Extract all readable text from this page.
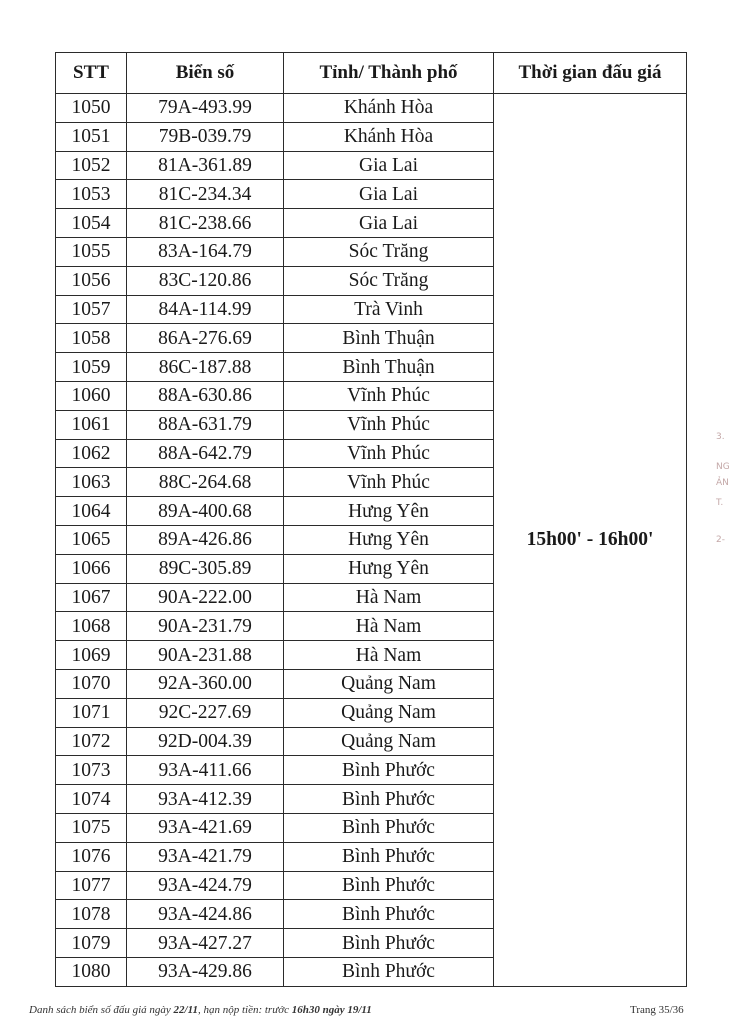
STT	Biển số	Tỉnh/ Thành phố	Thời gian đấu giá
1050	79A-493.99	Khánh Hòa	15h00' - 16h00'
1051	79B-039.79	Khánh Hòa	
1052	81A-361.89	Gia Lai	
1053	81C-234.34	Gia Lai	
1054	81C-238.66	Gia Lai	
1055	83A-164.79	Sóc Trăng	
1056	83C-120.86	Sóc Trăng	
1057	84A-114.99	Trà Vinh	
1058	86A-276.69	Bình Thuận	
1059	86C-187.88	Bình Thuận	
1060	88A-630.86	Vĩnh Phúc	
1061	88A-631.79	Vĩnh Phúc	
1062	88A-642.79	Vĩnh Phúc	
1063	88C-264.68	Vĩnh Phúc	
1064	89A-400.68	Hưng Yên	
1065	89A-426.86	Hưng Yên	
1066	89C-305.89	Hưng Yên	
1067	90A-222.00	Hà Nam	
1068	90A-231.79	Hà Nam	
1069	90A-231.88	Hà Nam	
1070	92A-360.00	Quảng Nam	
1071	92C-227.69	Quảng Nam	
1072	92D-004.39	Quảng Nam	
1073	93A-411.66	Bình Phước	
1074	93A-412.39	Bình Phước	
1075	93A-421.69	Bình Phước	
1076	93A-421.79	Bình Phước	
1077	93A-424.79	Bình Phước	
1078	93A-424.86	Bình Phước	
1079	93A-427.27	Bình Phước	
1080	93A-429.86	Bình Phước	
3.
NG
ẢN
T.
2-
Danh sách biển số đấu giá ngày 22/11, hạn nộp tiền: trước 16h30 ngày 19/11	Trang 35/36
